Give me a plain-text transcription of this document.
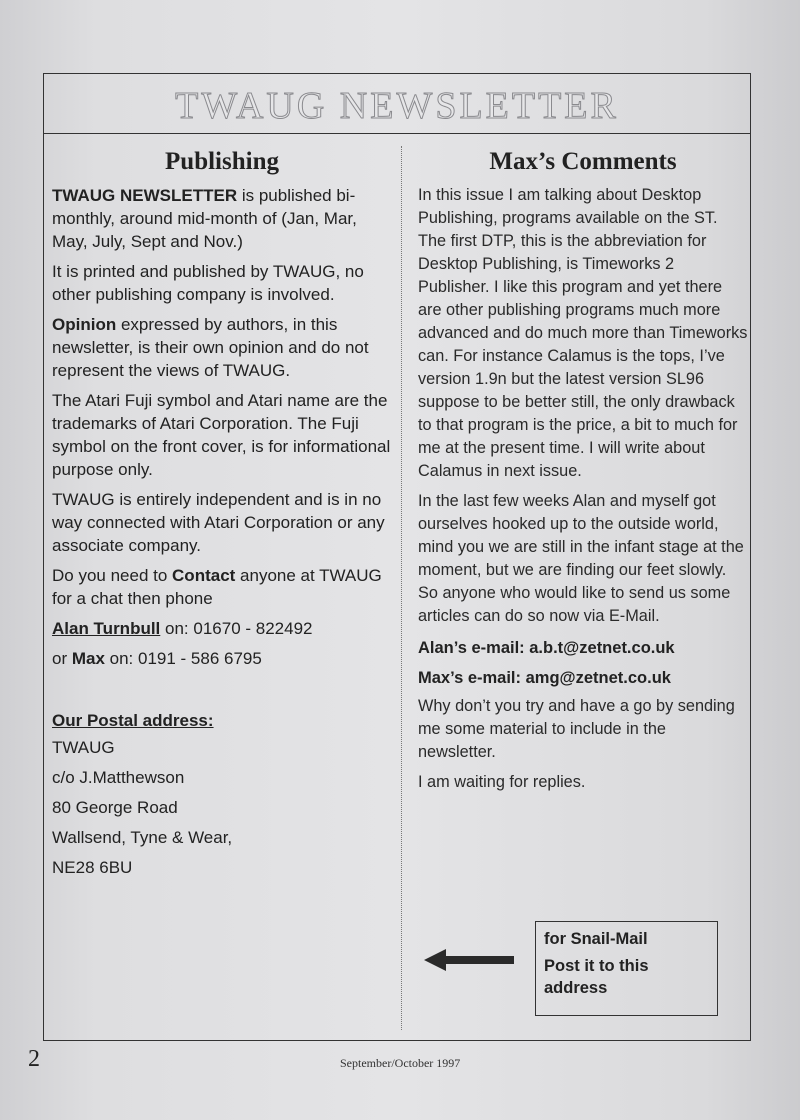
TWAUG NEWSLETTER
Publishing

TWAUG NEWSLETTER is published bi-monthly, around mid-month of (Jan, Mar, May, July, Sept and Nov.)

It is printed and published by TWAUG, no other publishing company is involved.

Opinion expressed by authors, in this newsletter, is their own opinion and do not represent the views of TWAUG.

The Atari Fuji symbol and Atari name are the trademarks of Atari Corporation. The Fuji symbol on the front cover, is for informational purpose only.

TWAUG is entirely independent and is in no way connected with Atari Corporation or any associate company.

Do you need to Contact anyone at TWAUG for a chat then phone

Alan Turnbull on: 01670 - 822492
or Max on: 0191 - 586 6795
Our Postal address:

TWAUG

c/o J.Matthewson

80 George Road

Wallsend, Tyne & Wear,

NE28 6BU

Max’s Comments

In this issue I am talking about Desktop Publishing, programs available on the ST. The first DTP, this is the abbreviation for Desktop Publishing, is Timeworks 2 Publisher. I like this program and yet there are other publishing programs much more advanced and do much more than Timeworks can. For instance Calamus is the tops, I’ve version 1.9n but the latest version SL96 suppose to be better still, the only drawback to that program is the price, a bit to much for me at the present time. I will write about Calamus in next issue.

In the last few weeks Alan and myself got ourselves hooked up to the outside world, mind you we are still in the infant stage at the moment, but we are finding our feet slowly. So anyone who would like to send us some articles can do so now via E-Mail.

Alan’s e-mail: a.b.t@zetnet.co.uk
Max’s e-mail: amg@zetnet.co.uk

Why don’t you try and have a go by sending me some material to include in the newsletter.

I am waiting for replies.

for Snail-Mail
Post it to this address
2	September/October 1997
